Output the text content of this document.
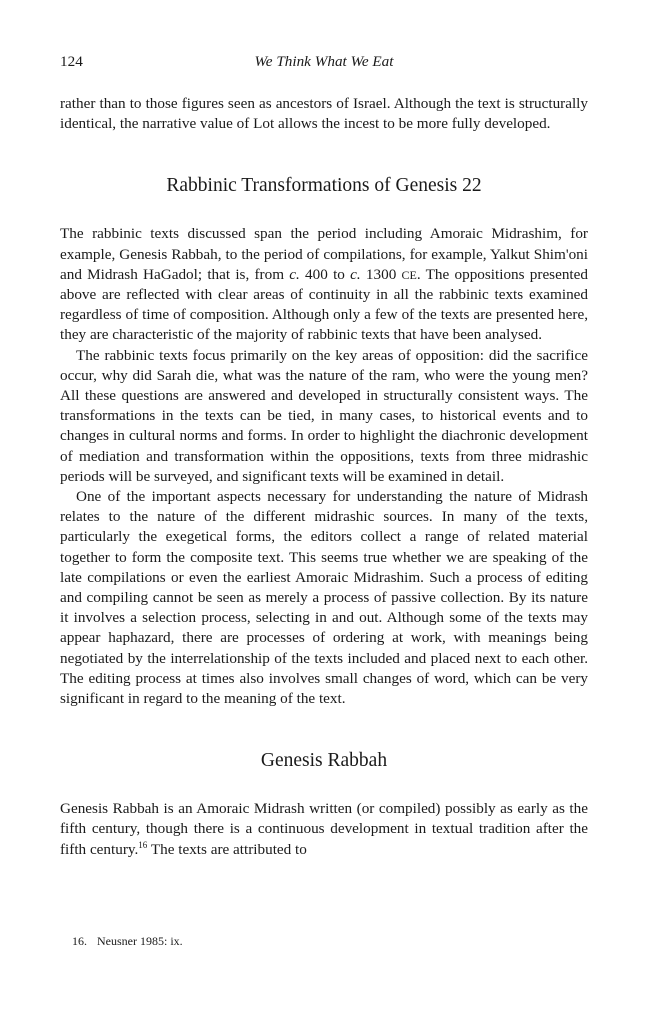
124	We Think What We Eat

rather than to those figures seen as ancestors of Israel. Although the text is structurally identical, the narrative value of Lot allows the incest to be more fully developed.

Rabbinic Transformations of Genesis 22

The rabbinic texts discussed span the period including Amoraic Midrashim, for example, Genesis Rabbah, to the period of compilations, for example, Yalkut Shim'oni and Midrash HaGadol; that is, from c. 400 to c. 1300 CE. The oppositions presented above are reflected with clear areas of continuity in all the rabbinic texts examined regardless of time of composition. Although only a few of the texts are presented here, they are characteristic of the majority of rabbinic texts that have been analysed.

The rabbinic texts focus primarily on the key areas of opposition: did the sacrifice occur, why did Sarah die, what was the nature of the ram, who were the young men? All these questions are answered and developed in structurally consistent ways. The transformations in the texts can be tied, in many cases, to historical events and to changes in cultural norms and forms. In order to highlight the diachronic development of mediation and transformation within the oppositions, texts from three midrashic periods will be surveyed, and significant texts will be examined in detail.

One of the important aspects necessary for understanding the nature of Midrash relates to the nature of the different midrashic sources. In many of the texts, particularly the exegetical forms, the editors collect a range of related material together to form the composite text. This seems true whether we are speaking of the late compilations or even the earliest Amoraic Midrashim. Such a process of editing and compiling cannot be seen as merely a process of passive collection. By its nature it involves a selection process, selecting in and out. Although some of the texts may appear haphazard, there are processes of ordering at work, with meanings being negotiated by the interrelationship of the texts included and placed next to each other. The editing process at times also involves small changes of word, which can be very significant in regard to the meaning of the text.

Genesis Rabbah

Genesis Rabbah is an Amoraic Midrash written (or compiled) possibly as early as the fifth century, though there is a continuous development in textual tradition after the fifth century.$^{16}$ The texts are attributed to

16. Neusner 1985: ix.
